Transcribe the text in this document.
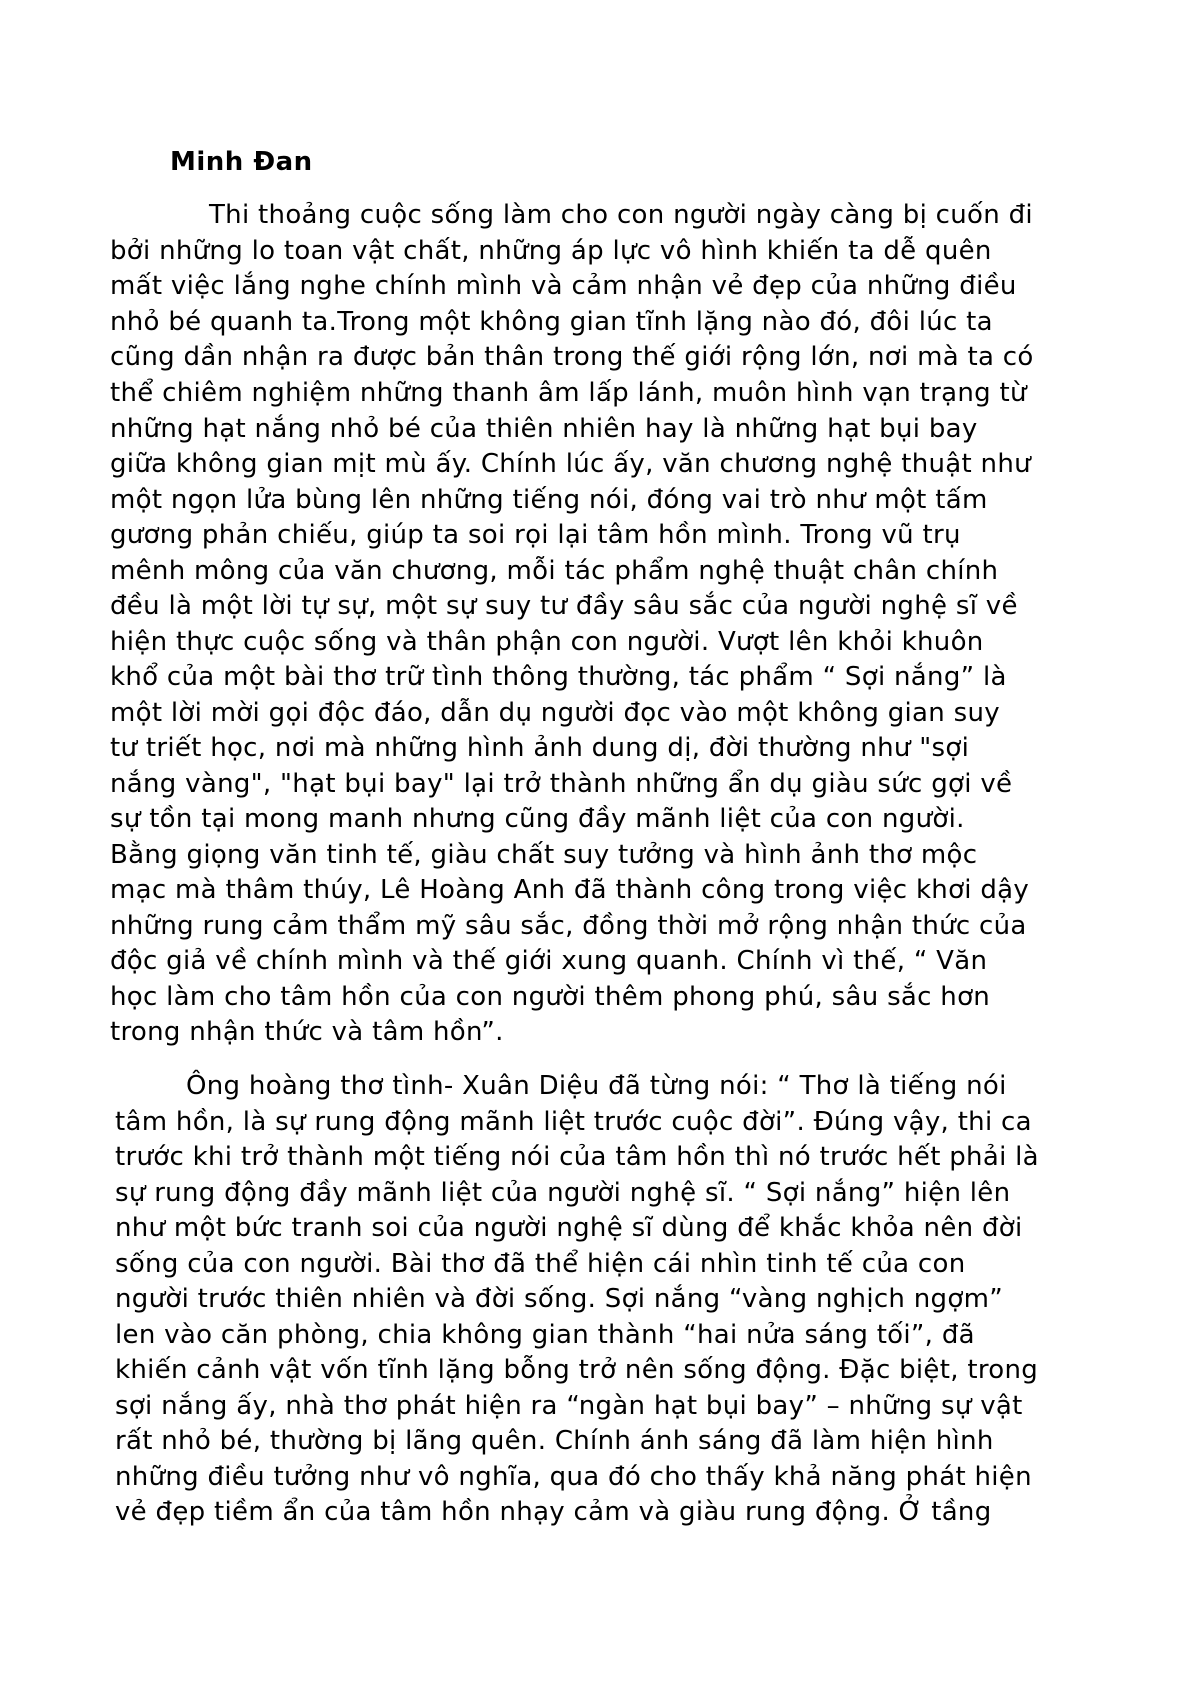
Minh Đan

Thi thoảng cuộc sống làm cho con người ngày càng bị cuốn đi

bởi những lo toan vật chất, những áp lực vô hình khiến ta dễ quên

mất việc lắng nghe chính mình và cảm nhận vẻ đẹp của những điều

nhỏ bé quanh ta.Trong một không gian tĩnh lặng nào đó, đôi lúc ta

cũng dần nhận ra được bản thân trong thế giới rộng lớn, nơi mà ta có

thể chiêm nghiệm những thanh âm lấp lánh, muôn hình vạn trạng từ

những hạt nắng nhỏ bé của thiên nhiên hay là những hạt bụi bay

giữa không gian mịt mù ấy. Chính lúc ấy, văn chương nghệ thuật như

một ngọn lửa bùng lên những tiếng nói, đóng vai trò như một tấm

gương phản chiếu, giúp ta soi rọi lại tâm hồn mình. Trong vũ trụ

mênh mông của văn chương, mỗi tác phẩm nghệ thuật chân chính

đều là một lời tự sự, một sự suy tư đầy sâu sắc của người nghệ sĩ về

hiện thực cuộc sống và thân phận con người. Vượt lên khỏi khuôn

khổ của một bài thơ trữ tình thông thường, tác phẩm “ Sợi nắng” là

một lời mời gọi độc đáo, dẫn dụ người đọc vào một không gian suy

tư triết học, nơi mà những hình ảnh dung dị, đời thường như "sợi

nắng vàng", "hạt bụi bay" lại trở thành những ẩn dụ giàu sức gợi về

sự tồn tại mong manh nhưng cũng đầy mãnh liệt của con người.

Bằng giọng văn tinh tế, giàu chất suy tưởng và hình ảnh thơ mộc

mạc mà thâm thúy, Lê Hoàng Anh đã thành công trong việc khơi dậy

những rung cảm thẩm mỹ sâu sắc, đồng thời mở rộng nhận thức của

độc giả về chính mình và thế giới xung quanh. Chính vì thế, “ Văn

học làm cho tâm hồn của con người thêm phong phú, sâu sắc hơn

trong nhận thức và tâm hồn”.

Ông hoàng thơ tình- Xuân Diệu đã từng nói: “ Thơ là tiếng nói

tâm hồn, là sự rung động mãnh liệt trước cuộc đời”. Đúng vậy, thi ca

trước khi trở thành một tiếng nói của tâm hồn thì nó trước hết phải là

sự rung động đầy mãnh liệt của người nghệ sĩ. “ Sợi nắng” hiện lên

như một bức tranh soi của người nghệ sĩ dùng để khắc khỏa nên đời

sống của con người. Bài thơ đã thể hiện cái nhìn tinh tế của con

người trước thiên nhiên và đời sống. Sợi nắng “vàng nghịch ngợm”

len vào căn phòng, chia không gian thành “hai nửa sáng tối”, đã

khiến cảnh vật vốn tĩnh lặng bỗng trở nên sống động. Đặc biệt, trong

sợi nắng ấy, nhà thơ phát hiện ra “ngàn hạt bụi bay” – những sự vật

rất nhỏ bé, thường bị lãng quên. Chính ánh sáng đã làm hiện hình

những điều tưởng như vô nghĩa, qua đó cho thấy khả năng phát hiện

vẻ đẹp tiềm ẩn của tâm hồn nhạy cảm và giàu rung động. Ở tầng
